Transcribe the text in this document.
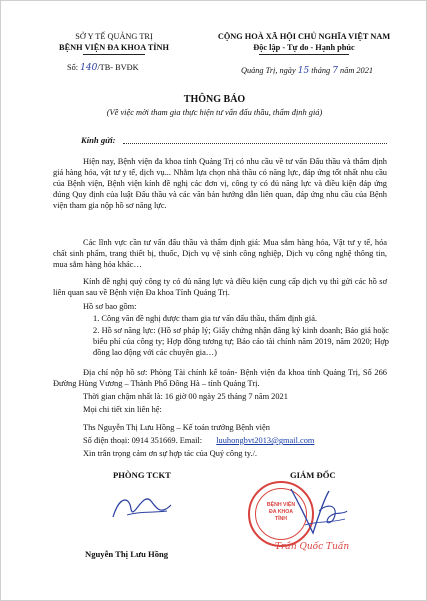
SỞ Y TẾ QUẢNG TRỊ
BỆNH VIỆN ĐA KHOA TỈNH
Số: 140/TB- BVĐK
CỘNG HOÀ XÃ HỘI CHỦ NGHĨA VIỆT NAM
Độc lập - Tự do - Hạnh phúc
Quảng Trị, ngày 15 tháng 7 năm 2021
THÔNG BÁO
(Về việc mời tham gia thực hiện tư vấn đấu thầu, thẩm định giá)
Kính gửi:
Hiện nay, Bệnh viện đa khoa tỉnh Quảng Trị có nhu cầu về tư vấn Đấu thầu và thẩm định giá hàng hóa, vật tư y tế, dịch vụ... Nhằm lựa chọn nhà thầu có năng lực, đáp ứng tốt nhất nhu cầu của Bệnh viện, Bệnh viện kính đề nghị các đơn vị, công ty có đủ năng lực và điều kiện đáp ứng đúng Quy định của luật Đấu thầu và các văn bản hướng dẫn liên quan, đáp ứng nhu cầu của Bệnh viện tham gia nộp hồ sơ năng lực.
Các lĩnh vực cần tư vấn đấu thầu và thẩm định giá: Mua sắm hàng hóa, Vật tư y tế, hóa chất sinh phẩm, trang thiết bị, thuốc, Dịch vụ vệ sinh công nghiệp, Dịch vụ công nghệ thông tin, mua sắm hàng hóa khác…
Kính đề nghị quý công ty có đủ năng lực và điều kiện cung cấp dịch vụ thì gửi các hồ sơ liên quan sau về Bệnh viện Đa khoa Tỉnh Quảng Trị.
Hồ sơ bao gồm:
1. Công văn đề nghị được tham gia tư vấn đấu thầu, thẩm định giá.
2. Hồ sơ năng lực: (Hồ sơ pháp lý; Giấy chứng nhận đăng ký kinh doanh; Báo giá hoặc biểu phí của công ty; Hợp đồng tương tự; Báo cáo tài chính năm 2019, năm 2020; Hợp đồng lao động với các chuyên gia…)
Địa chỉ nộp hồ sơ: Phòng Tài chính kế toán- Bệnh viện đa khoa tỉnh Quảng Trị, Số 266 Đường Hùng Vương – Thành Phố Đông Hà – tỉnh Quảng Trị.
Thời gian chậm nhất là: 16 giờ 00 ngày 25 tháng 7 năm 2021
Mọi chi tiết xin liên hệ:
Ths Nguyễn Thị Lưu Hồng – Kế toán trưởng Bệnh viện
Số điện thoại: 0914 351669. Email: luuhongbvt2013@gmail.com
Xin trân trọng cảm ơn sự hợp tác của Quý công ty./.
PHÒNG TCKT
Nguyễn Thị Lưu Hồng
GIÁM ĐỐC
BỆNH VIỆN
ĐA KHOA
TỈNH
Trần Quốc Tuấn
